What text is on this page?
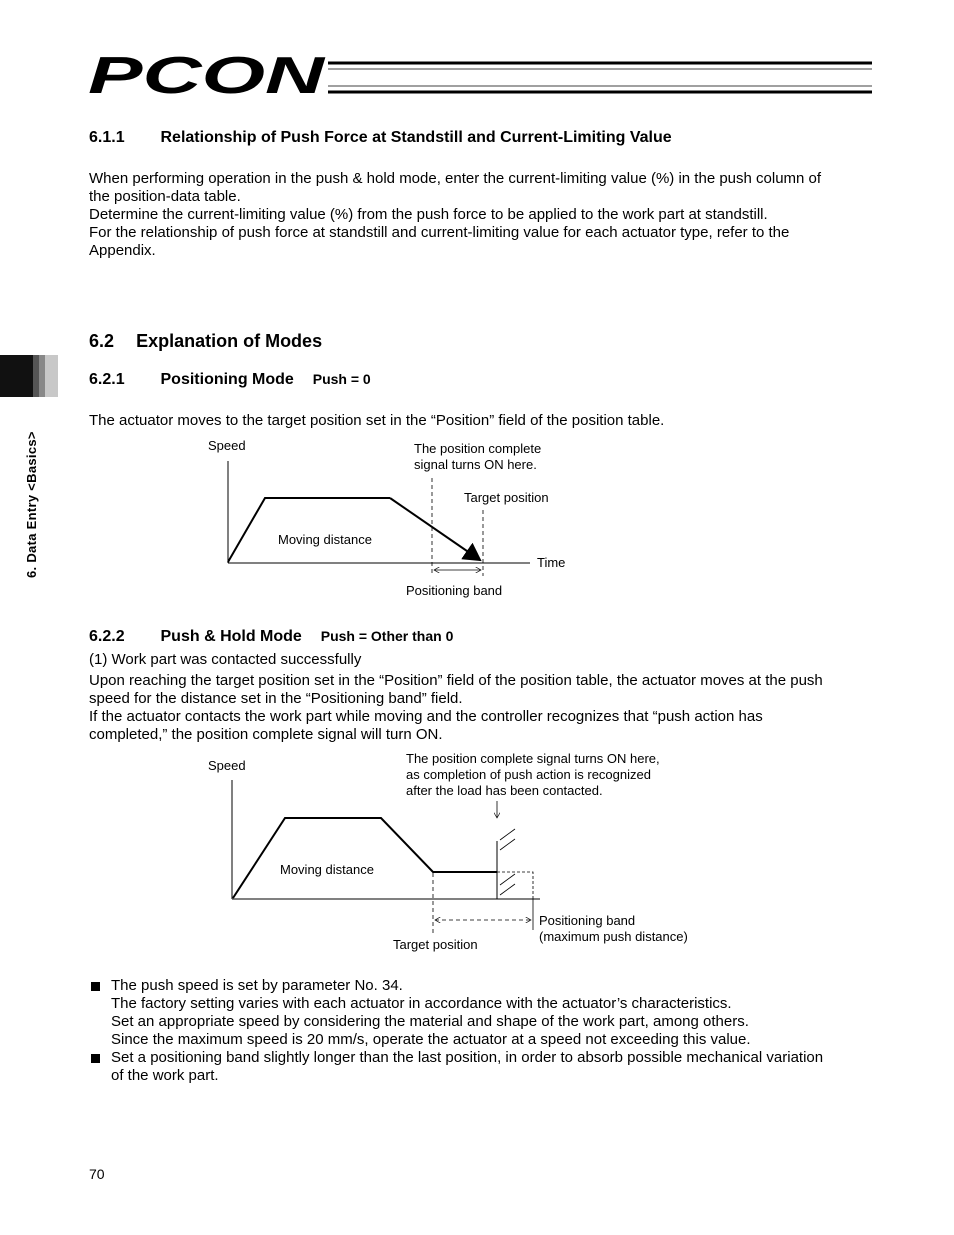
PCON
6. Data Entry <Basics>
6.1.1 Relationship of Push Force at Standstill and Current-Limiting Value
When performing operation in the push & hold mode, enter the current-limiting value (%) in the push column of
the position-data table.
Determine the current-limiting value (%) from the push force to be applied to the work part at standstill.
For the relationship of push force at standstill and current-limiting value for each actuator type, refer to the
Appendix.
6.2 Explanation of Modes
6.2.1 Positioning Mode Push = 0
The actuator moves to the target position set in the “Position” field of the position table.
Speed
Time
Moving distance
The position complete
signal turns ON here.
Target position
Positioning band
6.2.2 Push & Hold Mode Push = Other than 0
(1) Work part was contacted successfully
Upon reaching the target position set in the “Position” field of the position table, the actuator moves at the push
speed for the distance set in the “Positioning band” field.
If the actuator contacts the work part while moving and the controller recognizes that “push action has
completed,” the position complete signal will turn ON.
Speed
Moving distance
The position complete signal turns ON here,
as completion of push action is recognized
after the load has been contacted.
Positioning band
(maximum push distance)
Target position
The push speed is set by parameter No. 34.
The factory setting varies with each actuator in accordance with the actuator’s characteristics.
Set an appropriate speed by considering the material and shape of the work part, among others.
Since the maximum speed is 20 mm/s, operate the actuator at a speed not exceeding this value.
Set a positioning band slightly longer than the last position, in order to absorb possible mechanical variation
of the work part.
70
